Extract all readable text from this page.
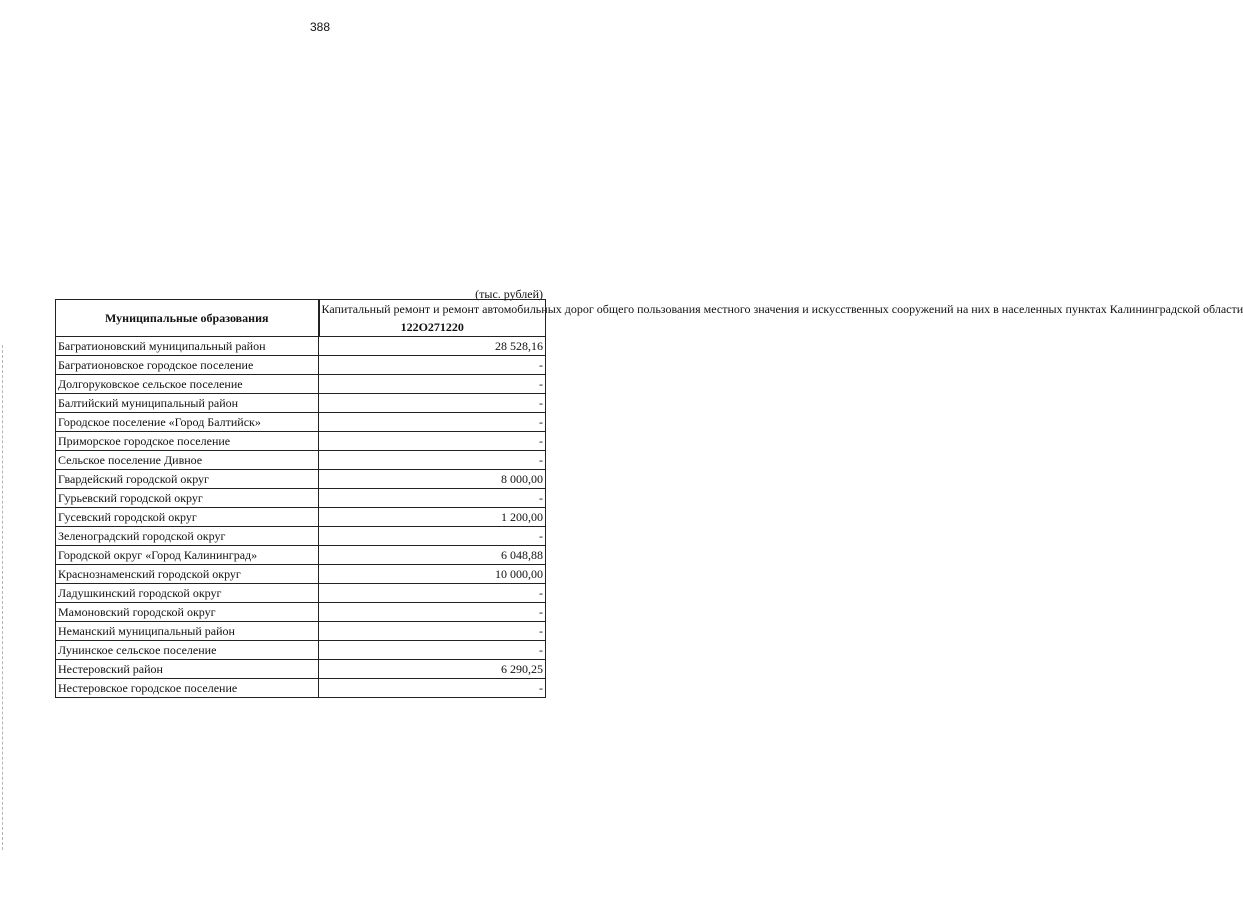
388
(тыс. рублей)
Муниципальные образования	Капитальный ремонт и ремонт автомобильных дорог общего пользования местного значения и искусственных сооружений на них в населенных пунктах Калининградской области
122О271220

Багратионовский муниципальный район	28 528,16
Багратионовское городское поселение	-
Долгоруковское сельское поселение	-
Балтийский муниципальный район	-
Городское поселение «Город Балтийск»	-
Приморское городское поселение	-
Сельское поселение Дивное	-
Гвардейский городской округ	8 000,00
Гурьевский городской округ	-
Гусевский городской округ	1 200,00
Зеленоградский городской округ	-
Городской округ «Город Калининград»	6 048,88
Краснознаменский городской округ	10 000,00
Ладушкинский городской округ	-
Мамоновский городской округ	-
Неманский муниципальный район	-
Лунинское сельское поселение	-
Нестеровский район	6 290,25
Нестеровское городское поселение	-
